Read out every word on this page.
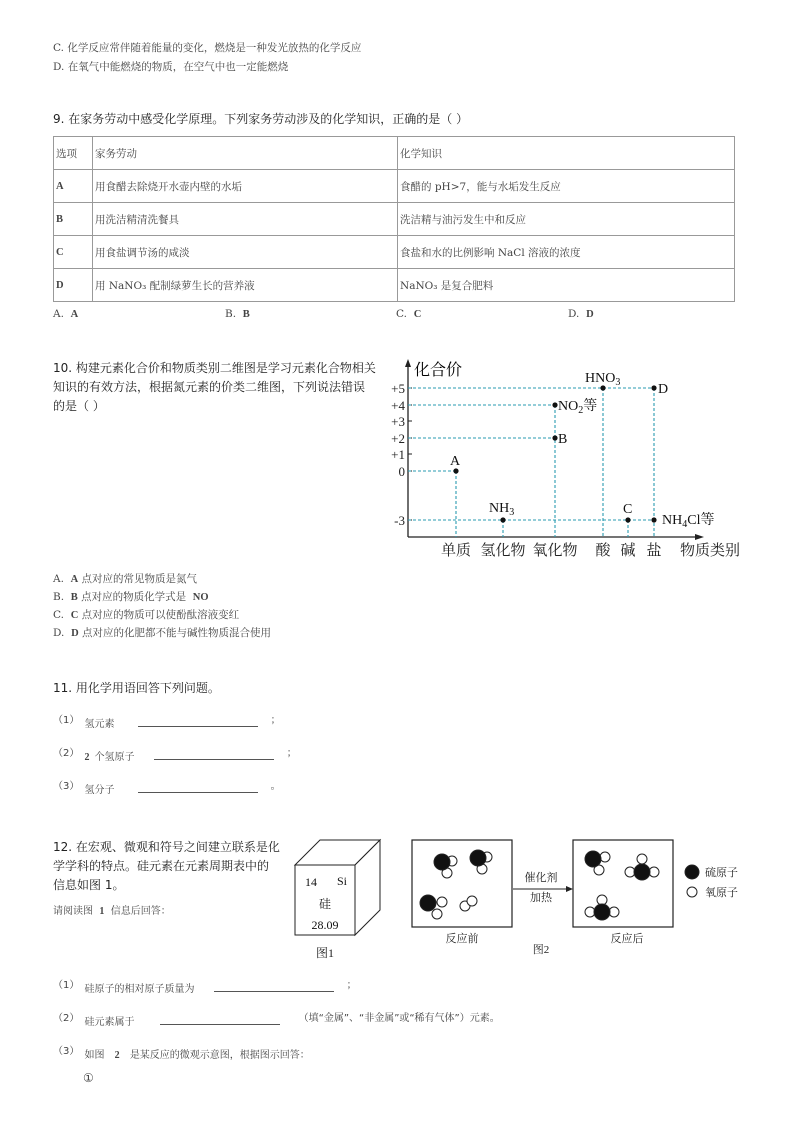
C. 化学反应常伴随着能量的变化，燃烧是一种发光放热的化学反应
D. 在氧气中能燃烧的物质，在空气中也一定能燃烧
9. 在家务劳动中感受化学原理。下列家务劳动涉及的化学知识，正确的是（ ）
选项	家务劳动	化学知识
A	用食醋去除烧开水壶内壁的水垢	食醋的 pH>7，能与水垢发生反应
B	用洗洁精清洗餐具	洗洁精与油污发生中和反应
C	用食盐调节汤的咸淡	食盐和水的比例影响 NaCl 溶液的浓度
D	用 NaNO₃ 配制绿萝生长的营养液	NaNO₃ 是复合肥料
A. A	B. B	C. C	D. D
10. 构建元素化合价和物质类别二维图是学习元素化合物相关
知识的有效方法，根据氮元素的价类二维图，下列说法错误
的是（ ）
化合价
+5
+4
+3
+2
+1
0
-3
A
$NH_3$
$NO_2$等
B
$HNO_3$
C
D
$NH_4Cl$等
单质 氢化物 氧化物 酸 碱 盐 物质类别
A. A 点对应的常见物质是氮气
B. B 点对应的物质化学式是 NO
C. C 点对应的物质可以使酚酞溶液变红
D. D 点对应的化肥都不能与碱性物质混合使用
11. 用化学用语回答下列问题。
（1） $_{氢元素}$	；
（2） $_2$ $_{个氢原子}$	；
（3） $_{氢分子}$	。
12. 在宏观、微观和符号之间建立联系是化
学学科的特点。硅元素在元素周期表中的
信息如图 1。
请阅读图 1 信息后回答：
14 Si
硅
28.09
图1
反应前
催化剂
加热
反应后
硫原子
氧原子
图2
（1） $_{硅原子的相对原子质量为}$	；
（2） $_{硅元素属于}$	（填“金属”、“非金属”或“稀有气体”）元素。
（3） $_{如图}$ $_2$ $_{是某反应的微观示意图,根据图示回答:}$
①
